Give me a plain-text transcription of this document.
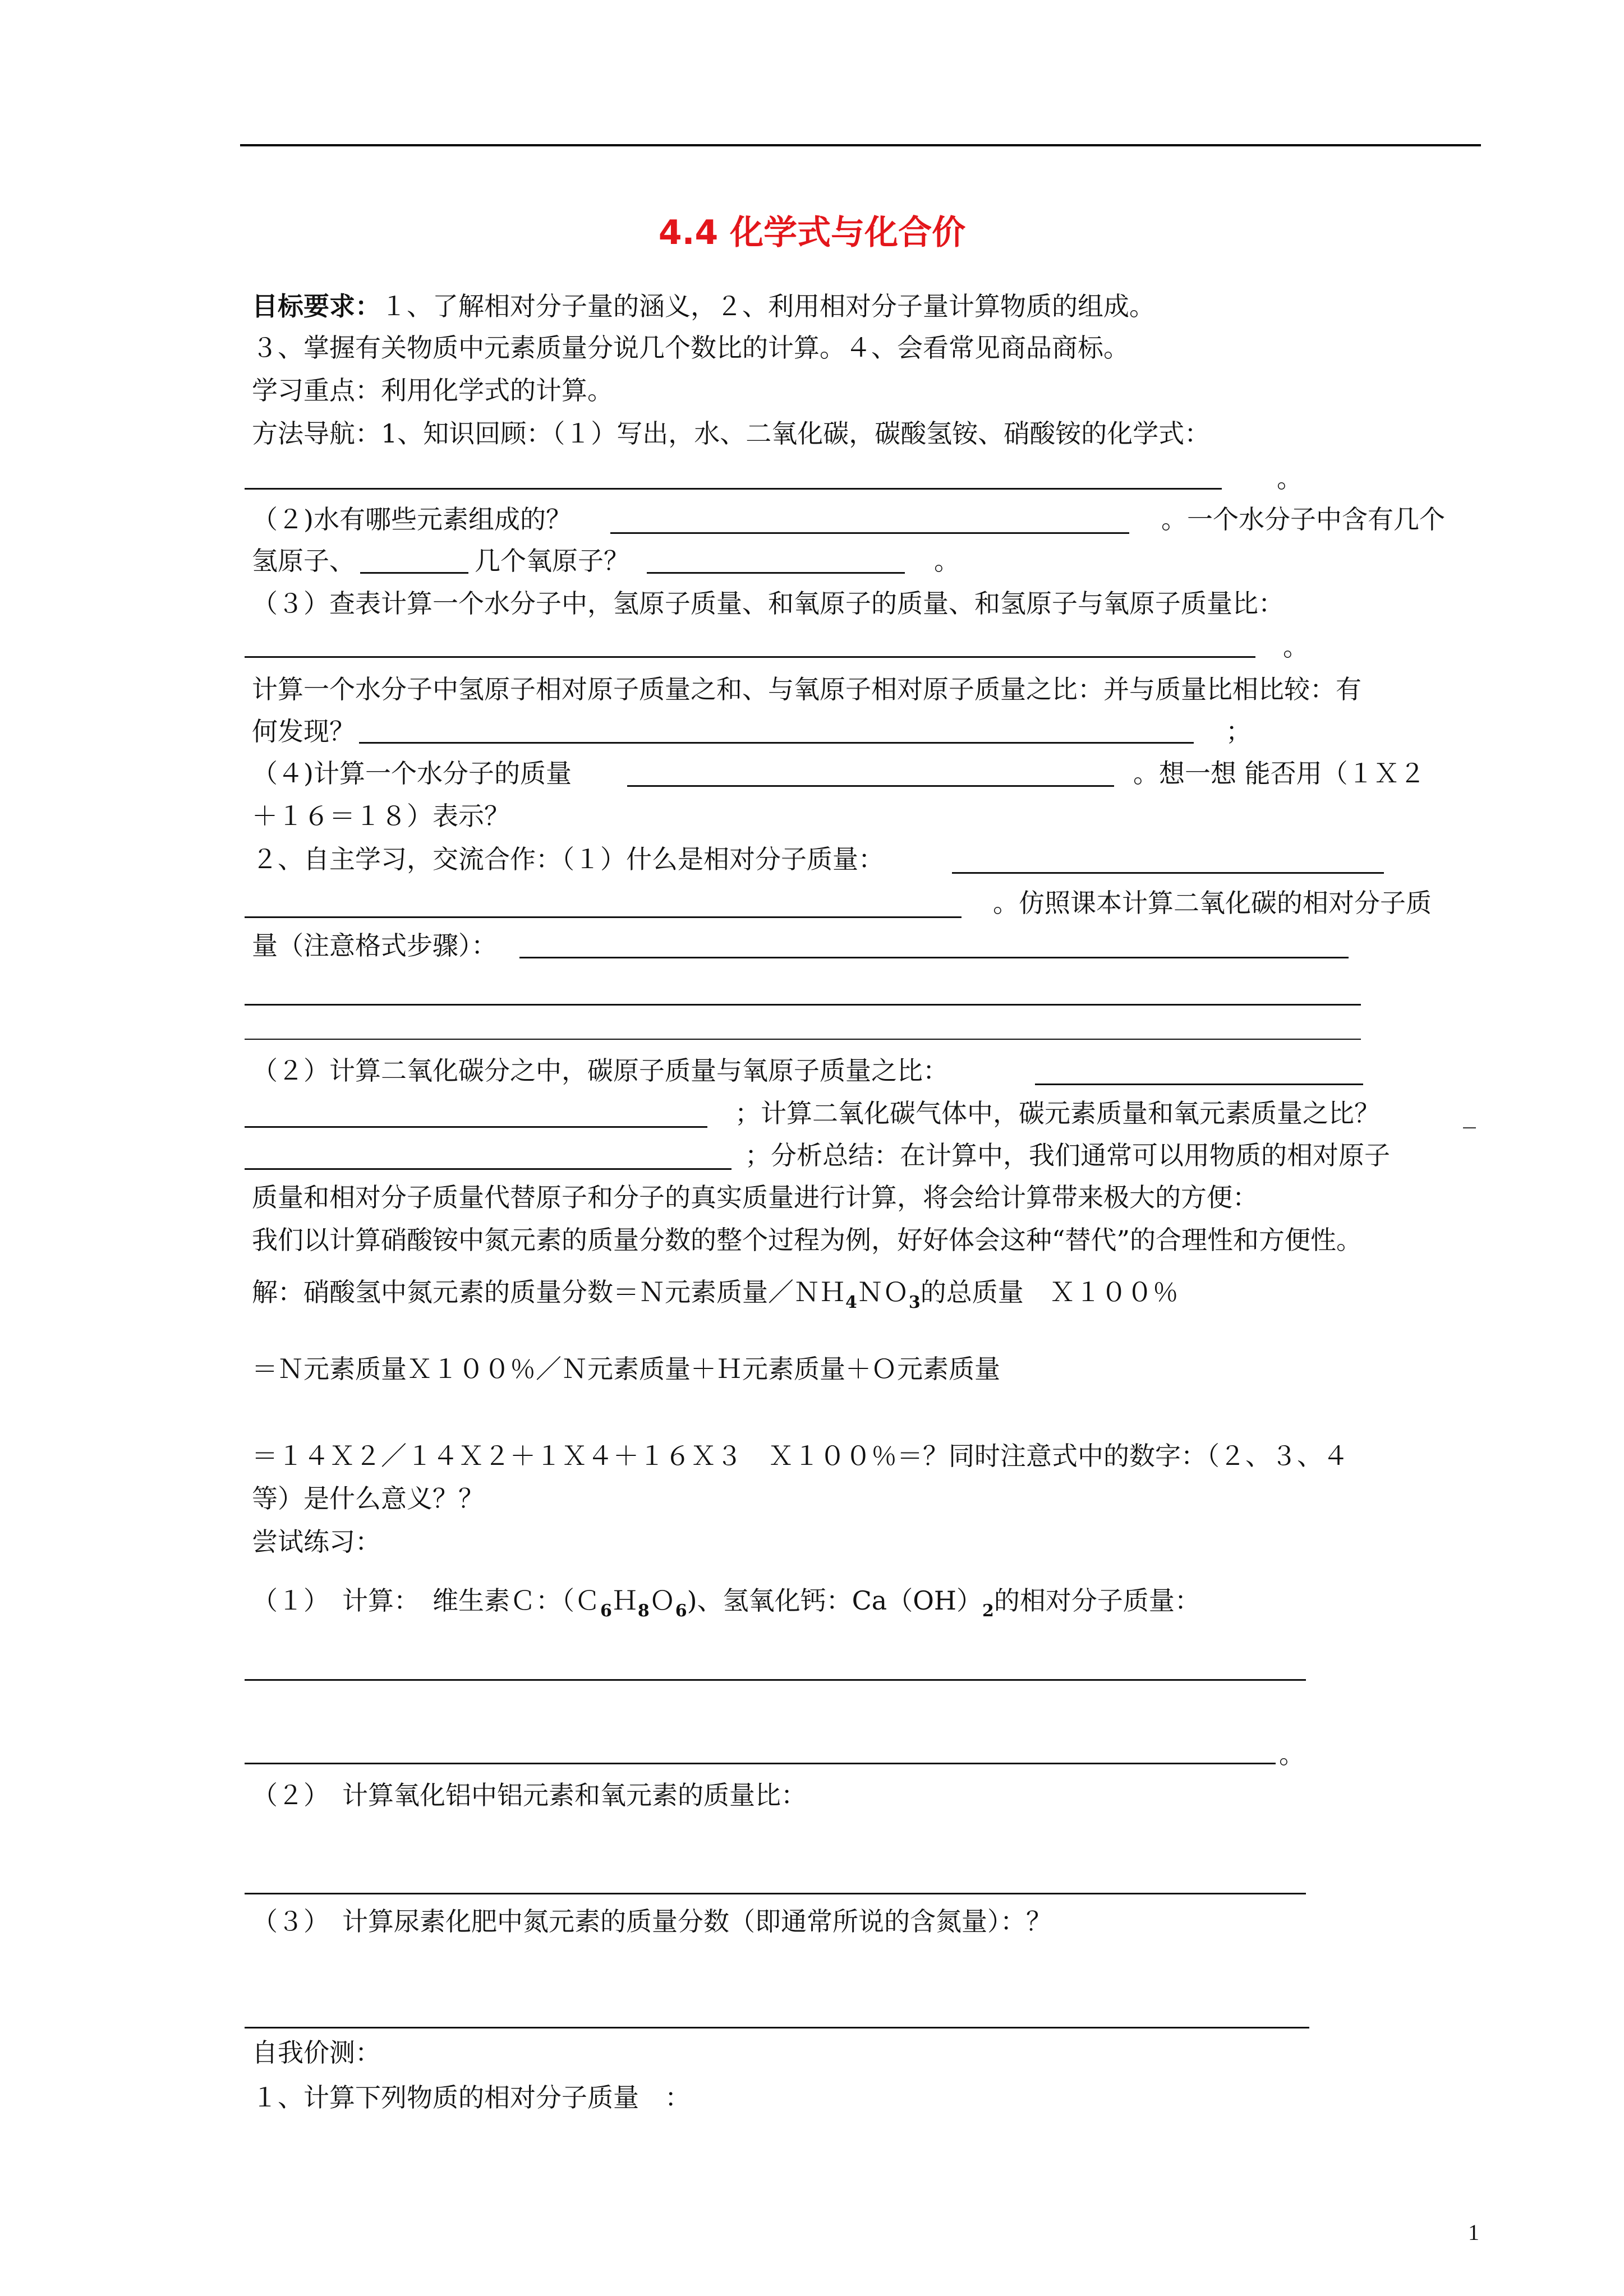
4.4 化学式与化合价
目标要求：１、了解相对分子量的涵义，２、利用相对分子量计算物质的组成。
３、掌握有关物质中元素质量分说几个数比的计算。４、会看常见商品商标。
学习重点：利用化学式的计算。
方法导航：1、知识回顾：（１）写出，水、二氧化碳，碳酸氢铵、硝酸铵的化学式：
。
（２)水有哪些元素组成的？	。一个水分子中含有几个
氢原子、	几个氧原子？	。
（３）查表计算一个水分子中，氢原子质量、和氧原子的质量、和氢原子与氧原子质量比：
。
计算一个水分子中氢原子相对原子质量之和、与氧原子相对原子质量之比：并与质量比相比较：有
何发现？	；
（４)计算一个水分子的质量	。想一想 能否用（１Ｘ２
＋１６＝１８）表示？
２、自主学习，交流合作：（１）什么是相对分子质量：
。仿照课本计算二氧化碳的相对分子质
量（注意格式步骤）：
（２）计算二氧化碳分之中，碳原子质量与氧原子质量之比：
；计算二氧化碳气体中，碳元素质量和氧元素质量之比？	_
；分析总结：在计算中，我们通常可以用物质的相对原子
质量和相对分子质量代替原子和分子的真实质量进行计算，将会给计算带来极大的方便：
我们以计算硝酸铵中氮元素的质量分数的整个过程为例，好好体会这种“替代”的合理性和方便性。
解：硝酸氢中氮元素的质量分数＝Ｎ元素质量／ＮＨ$_4$ＮＯ$_3$的总质量　Ｘ１００％
＝Ｎ元素质量Ｘ１００％／Ｎ元素质量＋Ｈ元素质量＋Ｏ元素质量
＝１４Ｘ２／１４Ｘ２＋１Ｘ４＋１６Ｘ３　Ｘ１００％＝？同时注意式中的数字：（２、３、４
等）是什么意义？？
尝试练习：
（１）　计算：　维生素Ｃ：（Ｃ$_6$Ｈ$_8$Ｏ$_6$)、氢氧化钙：$Ca(OH)_2$的相对分子质量：
。
（２）　计算氧化铝中铝元素和氧元素的质量比：
（３）　计算尿素化肥中氮元素的质量分数（即通常所说的含氮量）：？
自我价测：
１、计算下列物质的相对分子质量　：
1
